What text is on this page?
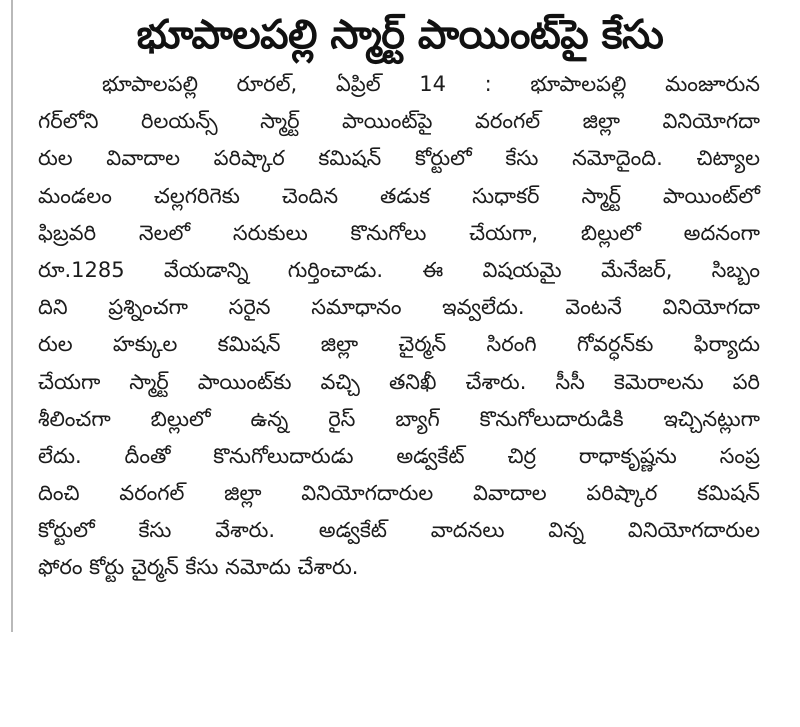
భూపాలపల్లి స్మార్ట్ పాయింట్‌పై కేసు
భూపాలపల్లి రూరల్, ఏప్రిల్ 14 : భూపాలపల్లి మంజూరున
గర్‌లోని రిలయన్స్ స్మార్ట్ పాయింట్‌పై వరంగల్ జిల్లా వినియోగదా
రుల వివాదాల పరిష్కార కమిషన్ కోర్టులో కేసు నమోదైంది. చిట్యాల
మండలం చల్లగరిగెకు చెందిన తడుక సుధాకర్ స్మార్ట్ పాయింట్‌లో
ఫిబ్రవరి నెలలో సరుకులు కొనుగోలు చేయగా, బిల్లులో అదనంగా
రూ.1285 వేయడాన్ని గుర్తించాడు. ఈ విషయమై మేనేజర్, సిబ్బం
దిని ప్రశ్నించగా సరైన సమాధానం ఇవ్వలేదు. వెంటనే వినియోగదా
రుల హక్కుల కమిషన్ జిల్లా చైర్మన్ సిరంగి గోవర్ధన్‌కు ఫిర్యాదు
చేయగా స్మార్ట్ పాయింట్‌కు వచ్చి తనిఖీ చేశారు. సీసీ కెమెరాలను పరి
శీలించగా బిల్లులో ఉన్న రైస్ బ్యాగ్ కొనుగోలుదారుడికి ఇచ్చినట్లుగా
లేదు. దీంతో కొనుగోలుదారుడు అడ్వకేట్ చిర్ర రాధాకృష్ణను సంప్ర
దించి వరంగల్ జిల్లా వినియోగదారుల వివాదాల పరిష్కార కమిషన్
కోర్టులో కేసు వేశారు. అడ్వకేట్ వాదనలు విన్న వినియోగదారుల
ఫోరం కోర్టు చైర్మన్ కేసు నమోదు చేశారు.
